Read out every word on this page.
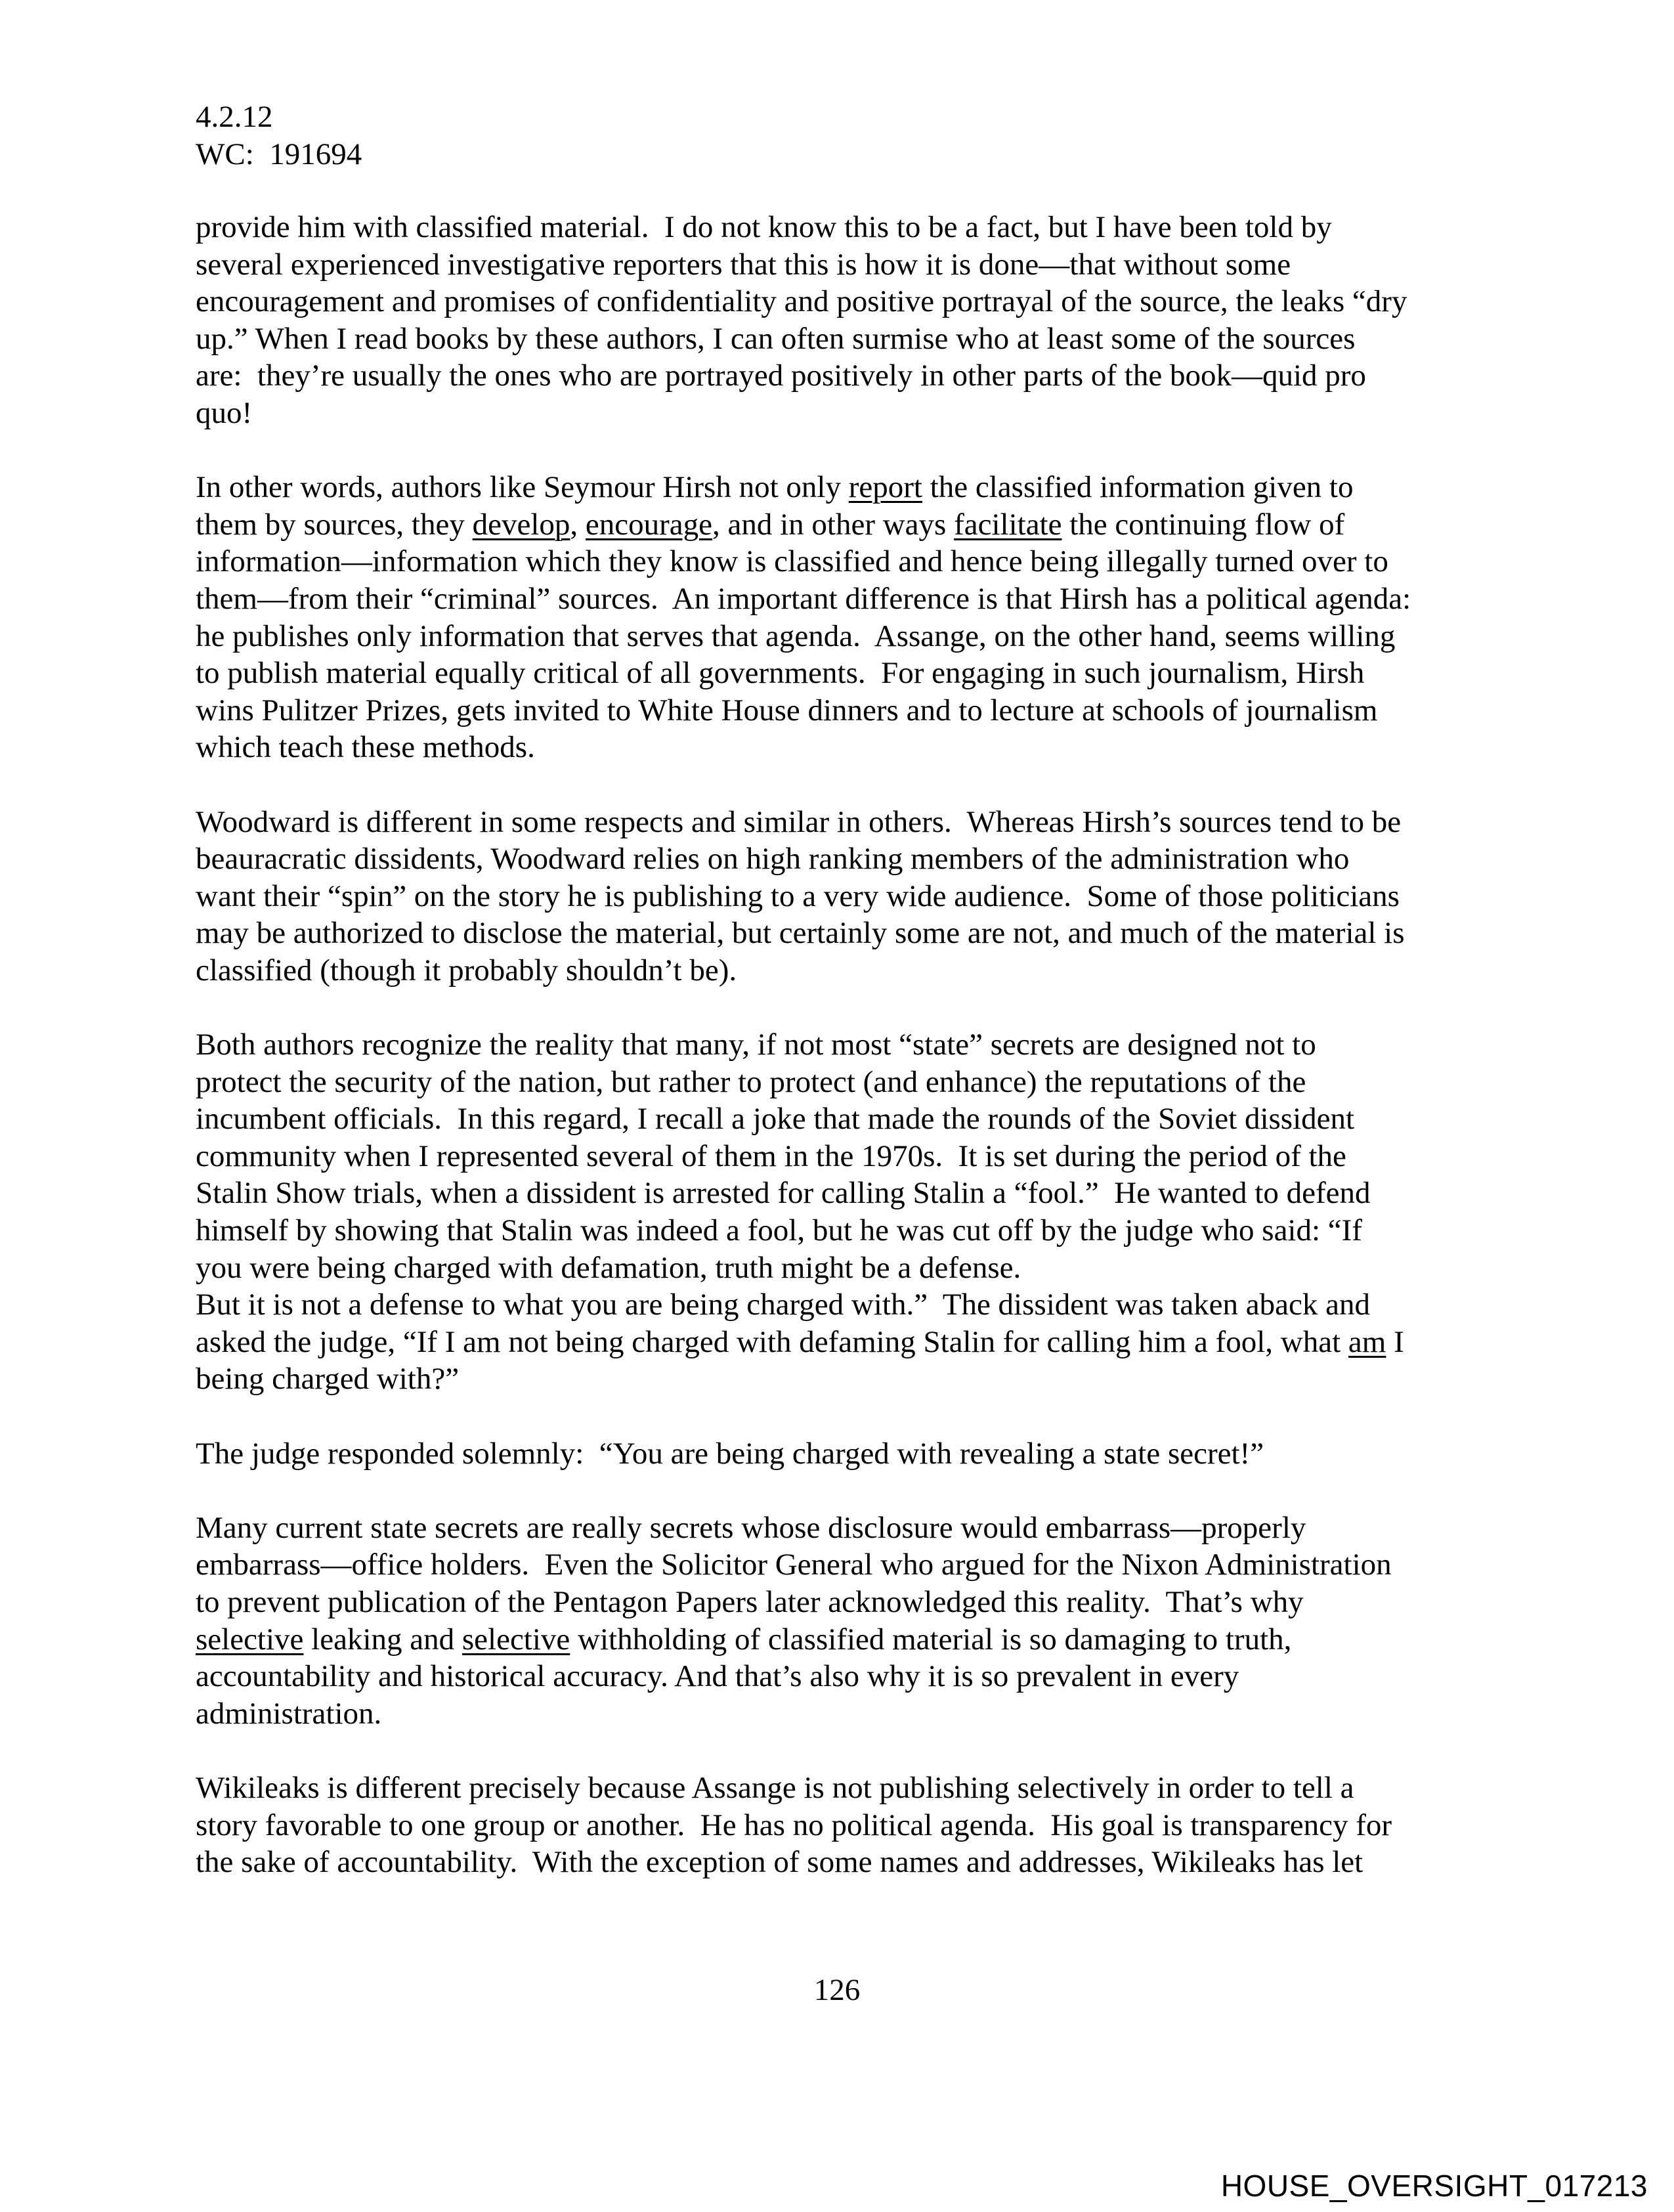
4.2.12
WC:  191694
provide him with classified material.  I do not know this to be a fact, but I have been told by
several experienced investigative reporters that this is how it is done—that without some
encouragement and promises of confidentiality and positive portrayal of the source, the leaks “dry
up.” When I read books by these authors, I can often surmise who at least some of the sources
are:  they’re usually the ones who are portrayed positively in other parts of the book—quid pro
quo!
In other words, authors like Seymour Hirsh not only report the classified information given to
them by sources, they develop, encourage, and in other ways facilitate the continuing flow of
information—information which they know is classified and hence being illegally turned over to
them—from their “criminal” sources.  An important difference is that Hirsh has a political agenda:
he publishes only information that serves that agenda.  Assange, on the other hand, seems willing
to publish material equally critical of all governments.  For engaging in such journalism, Hirsh
wins Pulitzer Prizes, gets invited to White House dinners and to lecture at schools of journalism
which teach these methods.
Woodward is different in some respects and similar in others.  Whereas Hirsh’s sources tend to be
beauracratic dissidents, Woodward relies on high ranking members of the administration who
want their “spin” on the story he is publishing to a very wide audience.  Some of those politicians
may be authorized to disclose the material, but certainly some are not, and much of the material is
classified (though it probably shouldn’t be).
Both authors recognize the reality that many, if not most “state” secrets are designed not to
protect the security of the nation, but rather to protect (and enhance) the reputations of the
incumbent officials.  In this regard, I recall a joke that made the rounds of the Soviet dissident
community when I represented several of them in the 1970s.  It is set during the period of the
Stalin Show trials, when a dissident is arrested for calling Stalin a “fool.”  He wanted to defend
himself by showing that Stalin was indeed a fool, but he was cut off by the judge who said: “If
you were being charged with defamation, truth might be a defense.
But it is not a defense to what you are being charged with.”  The dissident was taken aback and
asked the judge, “If I am not being charged with defaming Stalin for calling him a fool, what am I
being charged with?”
The judge responded solemnly:  “You are being charged with revealing a state secret!”
Many current state secrets are really secrets whose disclosure would embarrass—properly
embarrass—office holders.  Even the Solicitor General who argued for the Nixon Administration
to prevent publication of the Pentagon Papers later acknowledged this reality.  That’s why
selective leaking and selective withholding of classified material is so damaging to truth,
accountability and historical accuracy. And that’s also why it is so prevalent in every
administration.
Wikileaks is different precisely because Assange is not publishing selectively in order to tell a
story favorable to one group or another.  He has no political agenda.  His goal is transparency for
the sake of accountability.  With the exception of some names and addresses, Wikileaks has let
126
HOUSE_OVERSIGHT_017213
